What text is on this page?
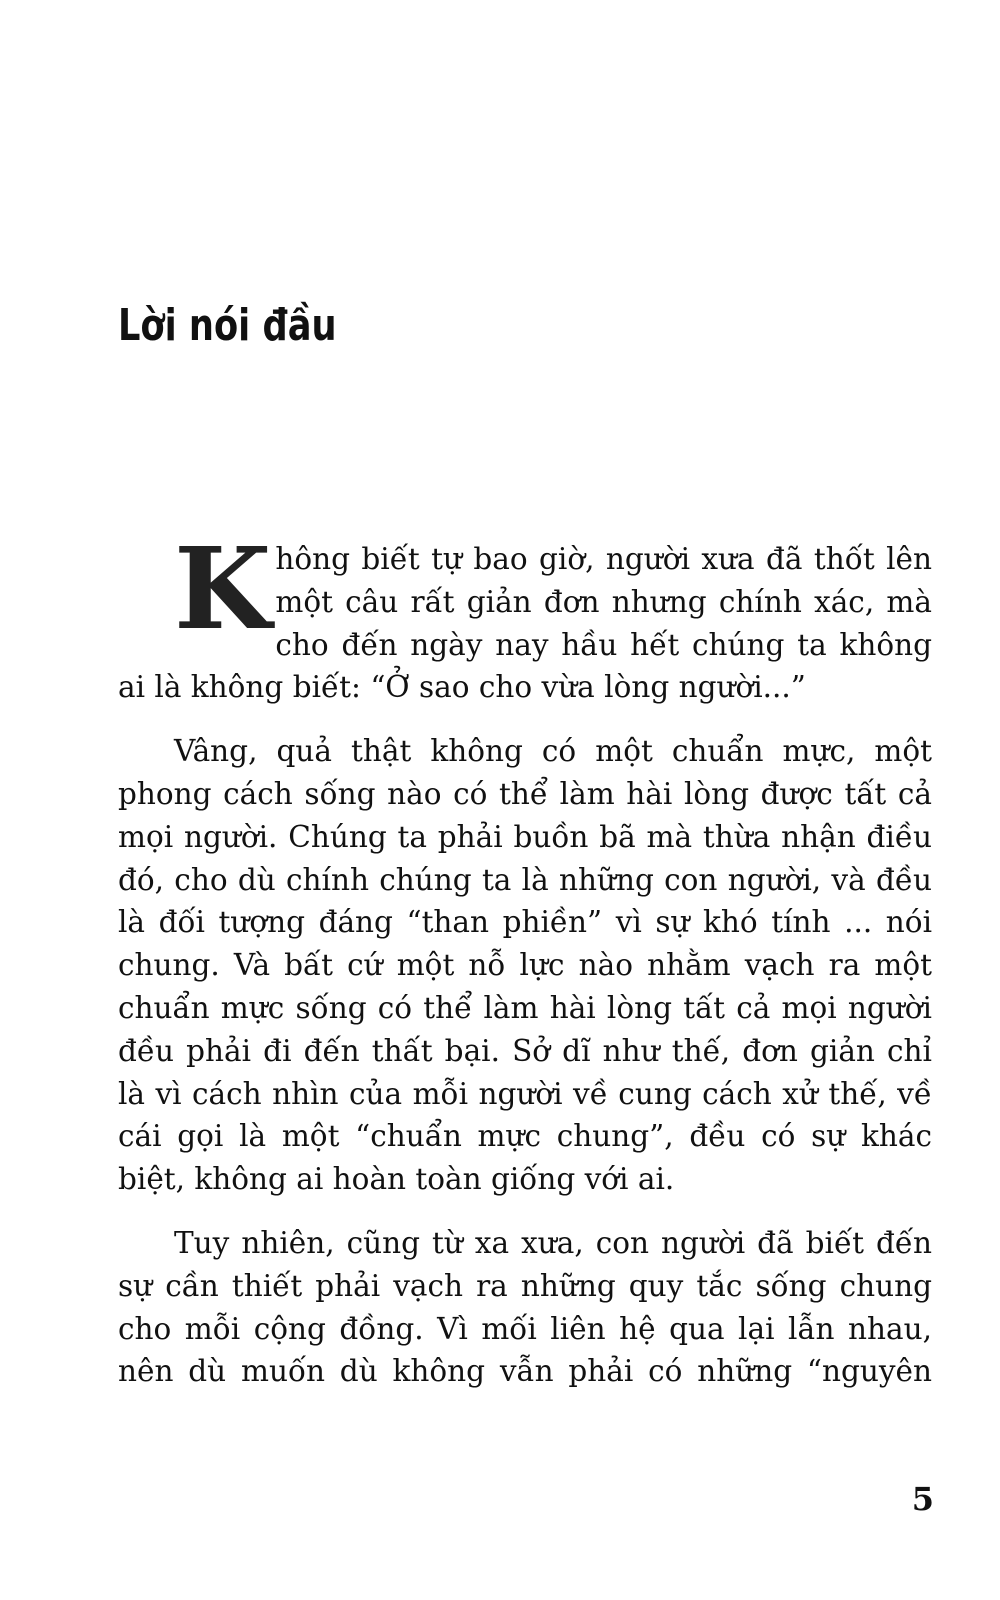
Lời nói đầu

Không biết tự bao giờ, người xưa đã thốt lên một câu rất giản đơn nhưng chính xác, mà cho đến ngày nay hầu hết chúng ta không ai là không biết: “Ở sao cho vừa lòng người...”

Vâng, quả thật không có một chuẩn mực, một phong cách sống nào có thể làm hài lòng được tất cả mọi người. Chúng ta phải buồn bã mà thừa nhận điều đó, cho dù chính chúng ta là những con người, và đều là đối tượng đáng “than phiền” vì sự khó tính ... nói chung. Và bất cứ một nỗ lực nào nhằm vạch ra một chuẩn mực sống có thể làm hài lòng tất cả mọi người đều phải đi đến thất bại. Sở dĩ như thế, đơn giản chỉ là vì cách nhìn của mỗi người về cung cách xử thế, về cái gọi là một “chuẩn mực chung”, đều có sự khác biệt, không ai hoàn toàn giống với ai.

Tuy nhiên, cũng từ xa xưa, con người đã biết đến sự cần thiết phải vạch ra những quy tắc sống chung cho mỗi cộng đồng. Vì mối liên hệ qua lại lẫn nhau, nên dù muốn dù không vẫn phải có những “nguyên

5
